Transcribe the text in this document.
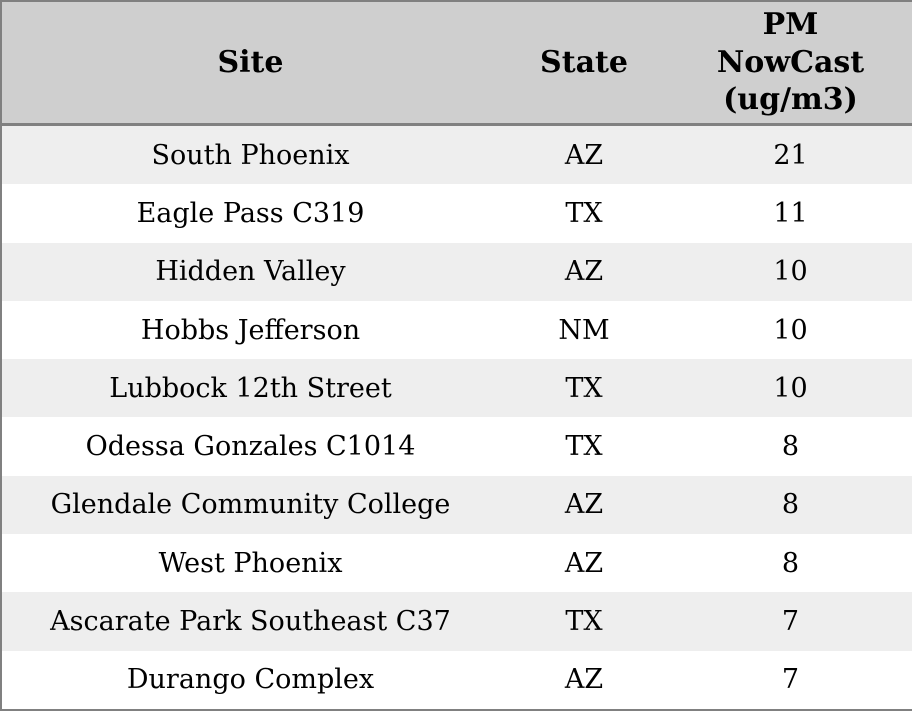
Site	State	PM
NowCast
(ug/m3)

South Phoenix	AZ	21
Eagle Pass C319	TX	11
Hidden Valley	AZ	10
Hobbs Jefferson	NM	10
Lubbock 12th Street	TX	10
Odessa Gonzales C1014	TX	8
Glendale Community College	AZ	8
West Phoenix	AZ	8
Ascarate Park Southeast C37	TX	7
Durango Complex	AZ	7
